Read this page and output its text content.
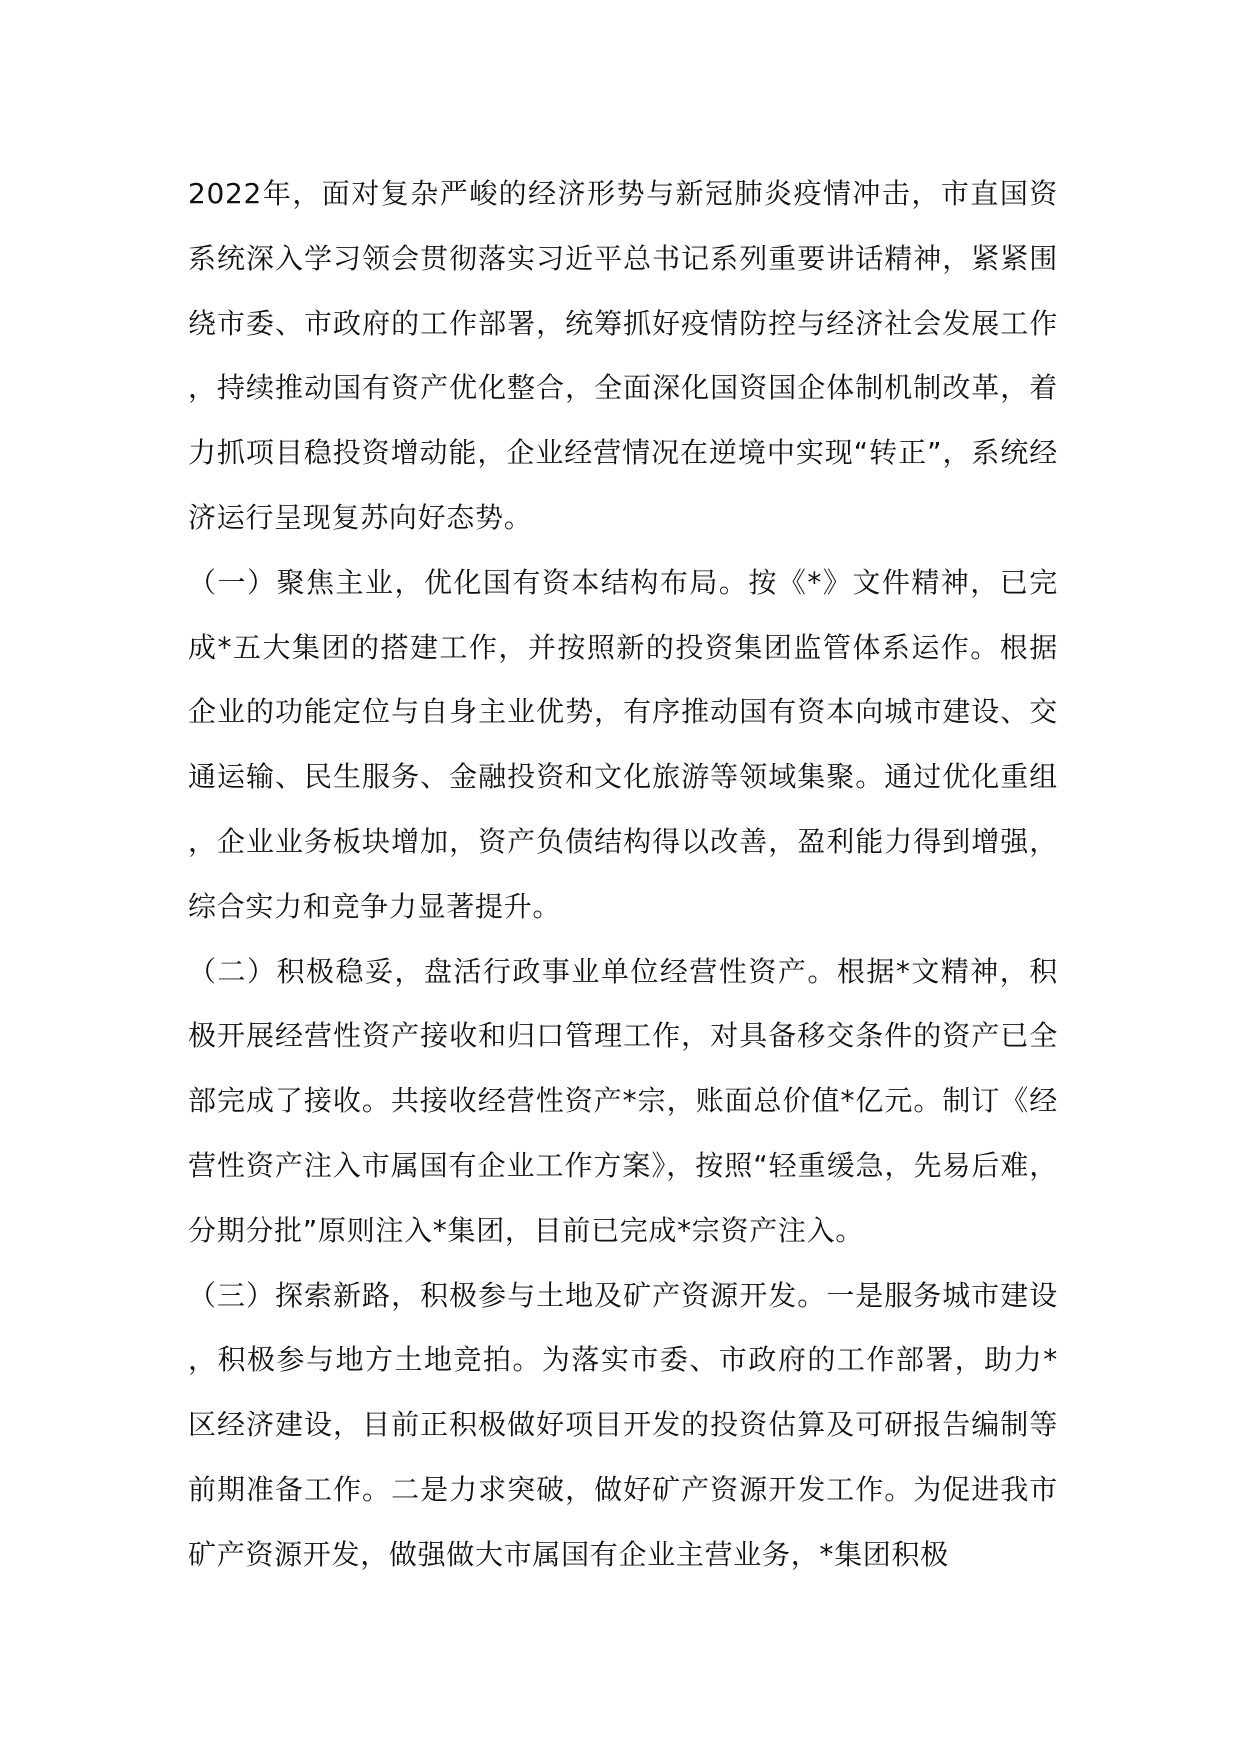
2022年，面对复杂严峻的经济形势与新冠肺炎疫情冲击，市直国资系统深入学习领会贯彻落实习近平总书记系列重要讲话精神，紧紧围绕市委、市政府的工作部署，统筹抓好疫情防控与经济社会发展工作，持续推动国有资产优化整合，全面深化国资国企体制机制改革，着力抓项目稳投资增动能，企业经营情况在逆境中实现“转正”，系统经济运行呈现复苏向好态势。

（一）聚焦主业，优化国有资本结构布局。按《*》文件精神，已完成*五大集团的搭建工作，并按照新的投资集团监管体系运作。根据企业的功能定位与自身主业优势，有序推动国有资本向城市建设、交通运输、民生服务、金融投资和文化旅游等领域集聚。通过优化重组，企业业务板块增加，资产负债结构得以改善，盈利能力得到增强，综合实力和竞争力显著提升。

（二）积极稳妥，盘活行政事业单位经营性资产。根据*文精神，积极开展经营性资产接收和归口管理工作，对具备移交条件的资产已全部完成了接收。共接收经营性资产*宗，账面总价值*亿元。制订《经营性资产注入市属国有企业工作方案》，按照“轻重缓急，先易后难，分期分批”原则注入*集团，目前已完成*宗资产注入。

（三）探索新路，积极参与土地及矿产资源开发。一是服务城市建设，积极参与地方土地竞拍。为落实市委、市政府的工作部署，助力*区经济建设，目前正积极做好项目开发的投资估算及可研报告编制等前期准备工作。二是力求突破，做好矿产资源开发工作。为促进我市矿产资源开发，做强做大市属国有企业主营业务，*集团积极
